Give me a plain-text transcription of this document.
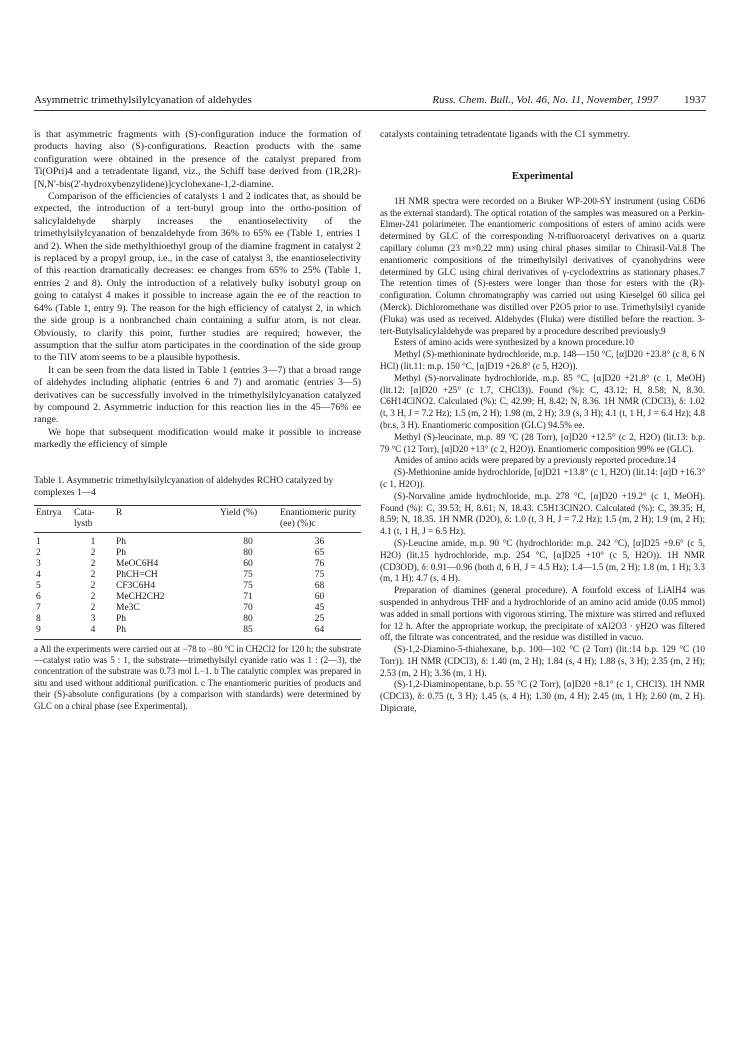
Asymmetric trimethylsilylcyanation of aldehydes	Russ. Chem. Bull., Vol. 46, No. 11, November, 1997 1937

is that asymmetric fragments with (S)-configuration induce the formation of products having also (S)-configurations. Reaction products with the same configuration were obtained in the presence of the catalyst prepared from Ti(OPri)4 and a tetradentate ligand, viz., the Schiff base derived from (1R,2R)-[N,N'-bis(2'-hydroxybenzylidene)]cyclohexane-1,2-diamine.

Comparison of the efficiencies of catalysts 1 and 2 indicates that, as should be expected, the introduction of a tert-butyl group into the ortho-position of salicylaldehyde sharply increases the enantioselectivity of the trimethylsilylcyanation of benzaldehyde from 36% to 65% ee (Table 1, entries 1 and 2). When the side methylthioethyl group of the diamine fragment in catalyst 2 is replaced by a propyl group, i.e., in the case of catalyst 3, the enantioselectivity of this reaction dramatically decreases: ee changes from 65% to 25% (Table 1, entries 2 and 8). Only the introduction of a relatively bulky isobutyl group on going to catalyst 4 makes it possible to increase again the ee of the reaction to 64% (Table 1, entry 9). The reason for the high efficiency of catalyst 2, in which the side group is a nonbranched chain containing a sulfur atom, is not clear. Obviously, to clarify this point, further studies are required; however, the assumption that the sulfur atom participates in the coordination of the side group to the TiIV atom seems to be a plausible hypothesis.

It can be seen from the data listed in Table 1 (entries 3—7) that a broad range of aldehydes including aliphatic (entries 6 and 7) and aromatic (entries 3—5) derivatives can be successfully involved in the trimethylsilylcyanation catalyzed by compound 2. Asymmetric induction for this reaction lies in the 45—76% ee range.

We hope that subsequent modification would make it possible to increase markedly the efficiency of simple

Table 1. Asymmetric trimethylsilylcyanation of aldehydes RCHO catalyzed by complexes 1—4
Entrya	Cata-lystb	R	Yield (%)	Enantiomeric purity (ee) (%)c
1	1	Ph	80	36
2	2	Ph	80	65
3	2	MeOC6H4	60	76
4	2	PhCH=CH	75	75
5	2	CF3C6H4	75	68
6	2	MeCH2CH2	71	60
7	2	Me3C	70	45
8	3	Ph	80	25
9	4	Ph	85	64
a All the experiments were carried out at −78 to −80 °C in CH2Cl2 for 120 h; the substrate—catalyst ratio was 5 : 1, the substrate—trimethylsilyl cyanide ratio was 1 : (2—3), the concentration of the substrate was 0.73 mol L−1. b The catalytic complex was prepared in situ and used without additional purification. c The enantiomeric purities of products and their (S)-absolute configurations (by a comparison with standards) were determined by GLC on a chiral phase (see Experimental).

catalysts containing tetradentate ligands with the C1 symmetry.

Experimental

1H NMR spectra were recorded on a Bruker WP-200-SY instrument (using C6D6 as the external standard). The optical rotation of the samples was measured on a Perkin-Elmer-241 polarimeter. The enantiomeric compositions of esters of amino acids were determined by GLC of the corresponding N-trifluoroacetyl derivatives on a quartz capillary column (23 m×0.22 mm) using chiral phases similar to Chirasil-Val.8 The enantiomeric compositions of the trimethylsilyl derivatives of cyanohydrins were determined by GLC using chiral derivatives of γ-cyclodextrins as stationary phases.7 The retention times of (S)-esters were longer than those for esters with the (R)-configuration. Column chromatography was carried out using Kieselgel 60 silica gel (Merck). Dichloromethane was distilled over P2O5 prior to use. Trimethylsilyl cyanide (Fluka) was used as received. Aldehydes (Fluka) were distilled before the reaction. 3-tert-Butylsalicylaldehyde was prepared by a procedure described previously.9

Esters of amino acids were synthesized by a known procedure.10

Methyl (S)-methioninate hydrochloride, m.p. 148—150 °C, [α]D20 +23.8° (c 8, 6 N HCl) (lit.11: m.p. 150 °C, [α]D19 +26.8° (c 5, H2O)).

Methyl (S)-norvalinate hydrochloride, m.p. 85 °C, [α]D20 +21.8° (c 1, MeOH) (lit.12: [α]D20 +25° (c 1.7, CHCl3)). Found (%): C, 43.12; H, 8.58; N, 8.30. C6H14ClNO2. Calculated (%): C, 42.99; H, 8.42; N, 8.36. 1H NMR (CDCl3), δ: 1.02 (t, 3 H, J = 7.2 Hz); 1.5 (m, 2 H); 1.98 (m, 2 H); 3.9 (s, 3 H); 4.1 (t, 1 H, J = 6.4 Hz); 4.8 (br.s, 3 H). Enantiomeric composition (GLC) 94.5% ee.

Methyl (S)-leucinate, m.p. 89 °C (28 Torr), [α]D20 +12.5° (c 2, H2O) (lit.13: b.p. 79 °C (12 Torr), [α]D20 +13° (c 2, H2O)). Enantiomeric composition 99% ee (GLC).

Amides of amino acids were prepared by a previously reported procedure.14

(S)-Methionine amide hydrochloride, [α]D21 +13.8° (c 1, H2O) (lit.14: [α]D +16.3° (c 1, H2O)).

(S)-Norvaline amide hydrochloride, m.p. 278 °C, [α]D20 +19.2° (c 1, MeOH). Found (%): C, 39.53; H, 8.61; N, 18.43. C5H13ClN2O. Calculated (%): C, 39.35; H, 8.59; N, 18.35. 1H NMR (D2O), δ: 1.0 (t, 3 H, J = 7.2 Hz); 1.5 (m, 2 H); 1.9 (m, 2 H); 4.1 (t, 1 H, J = 6.5 Hz).

(S)-Leucine amide, m.p. 90 °C (hydrochloride: m.p. 242 °C), [α]D25 +9.6° (c 5, H2O) (lit.15 hydrochloride, m.p. 254 °C, [α]D25 +10° (c 5, H2O)). 1H NMR (CD3OD), δ: 0.91—0.96 (both d, 6 H, J = 4.5 Hz); 1.4—1.5 (m, 2 H); 1.8 (m, 1 H); 3.3 (m, 1 H); 4.7 (s, 4 H).

Preparation of diamines (general procedure). A fourfold excess of LiAlH4 was suspended in anhydrous THF and a hydrochloride of an amino acid amide (0.05 mmol) was added in small portions with vigorous stirring. The mixture was stirred and refluxed for 12 h. After the appropriate workup, the precipitate of xAl2O3 · yH2O was filtered off, the filtrate was concentrated, and the residue was distilled in vacuo.

(S)-1,2-Diamino-5-thiahexane, b.p. 100—102 °C (2 Torr) (lit.:14 b.p. 129 °C (10 Torr)). 1H NMR (CDCl3), δ: 1.40 (m, 2 H); 1.84 (s, 4 H); 1.88 (s, 3 H); 2.35 (m, 2 H); 2.53 (m, 2 H); 3.36 (m, 1 H).

(S)-1,2-Diaminopentane, b.p. 55 °C (2 Torr), [α]D20 +8.1° (c 1, CHCl3). 1H NMR (CDCl3), δ: 0.75 (t, 3 H); 1.45 (s, 4 H); 1.30 (m, 4 H); 2.45 (m, 1 H); 2.60 (m, 2 H). Dipicrate,
